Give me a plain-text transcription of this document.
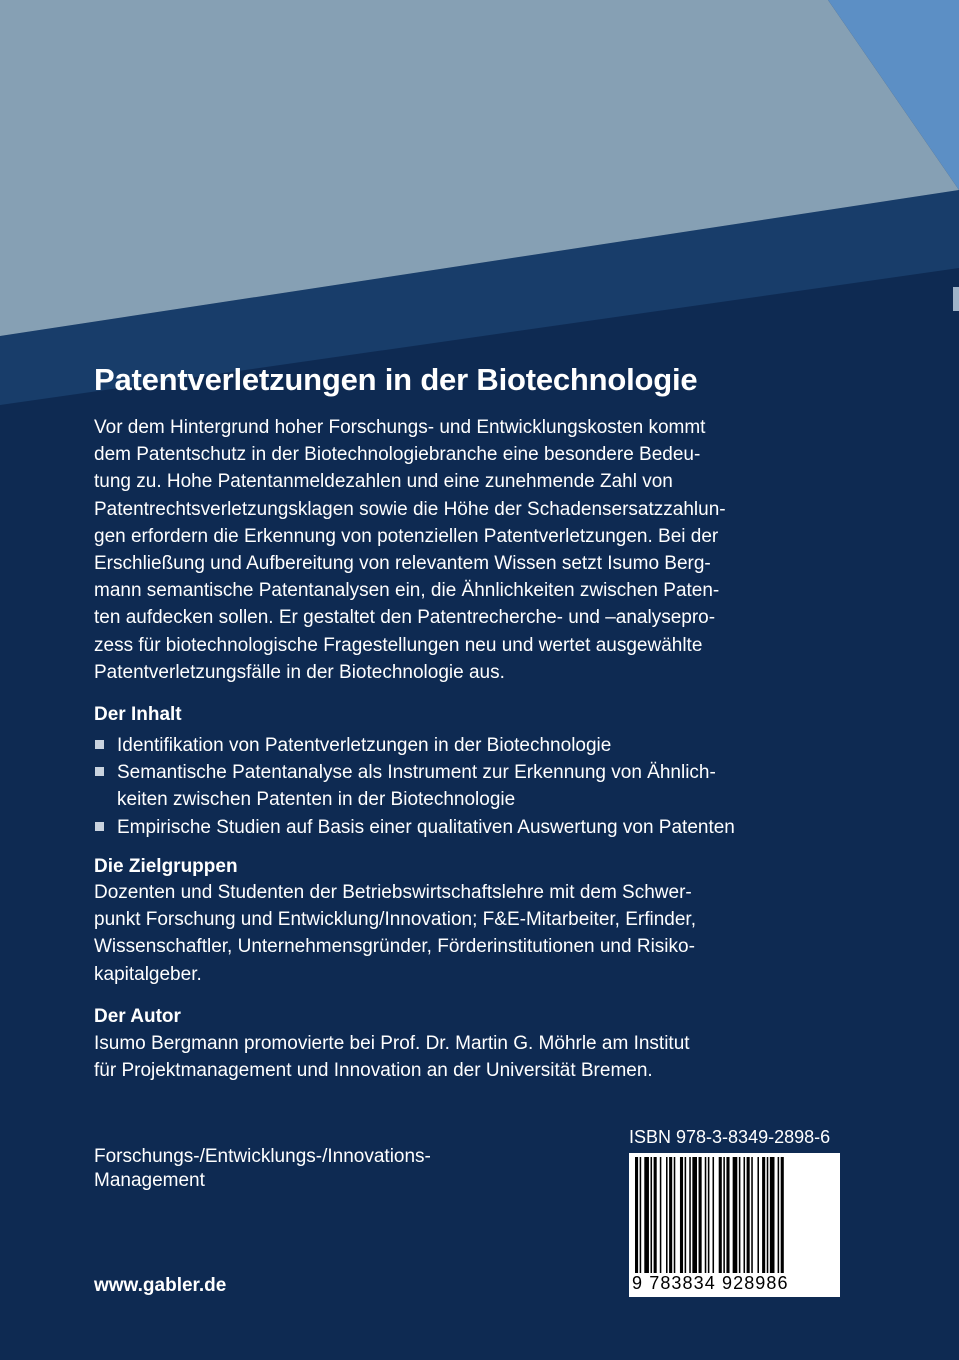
Patentverletzungen in der Biotechnologie
Vor dem Hintergrund hoher Forschungs- und Entwicklungskosten kommt
dem Patentschutz in der Biotechnologiebranche eine besondere Bedeu-
tung zu. Hohe Patentanmeldezahlen und eine zunehmende Zahl von
Patentrechtsverletzungsklagen sowie die Höhe der Schadensersatzzahlun-
gen erfordern die Erkennung von potenziellen Patentverletzungen. Bei der
Erschließung und Aufbereitung von relevantem Wissen setzt Isumo Berg-
mann semantische Patentanalysen ein, die Ähnlichkeiten zwischen Paten-
ten aufdecken sollen. Er gestaltet den Patentrecherche- und –analysepro-
zess für biotechnologische Fragestellungen neu und wertet ausgewählte
Patentverletzungsfälle in der Biotechnologie aus.
Der Inhalt
Identifikation von Patentverletzungen in der Biotechnologie
Semantische Patentanalyse als Instrument zur Erkennung von Ähnlich-
keiten zwischen Patenten in der Biotechnologie
Empirische Studien auf Basis einer qualitativen Auswertung von Patenten
Die Zielgruppen
Dozenten und Studenten der Betriebswirtschaftslehre mit dem Schwer-
punkt Forschung und Entwicklung/Innovation; F&E-Mitarbeiter, Erfinder,
Wissenschaftler, Unternehmensgründer, Förderinstitutionen und Risiko-
kapitalgeber.
Der Autor
Isumo Bergmann promovierte bei Prof. Dr. Martin G. Möhrle am Institut
für Projektmanagement und Innovation an der Universität Bremen.
Forschungs-/Entwicklungs-/Innovations-
Management
ISBN 978-3-8349-2898-6
9 783834 928986
www.gabler.de
